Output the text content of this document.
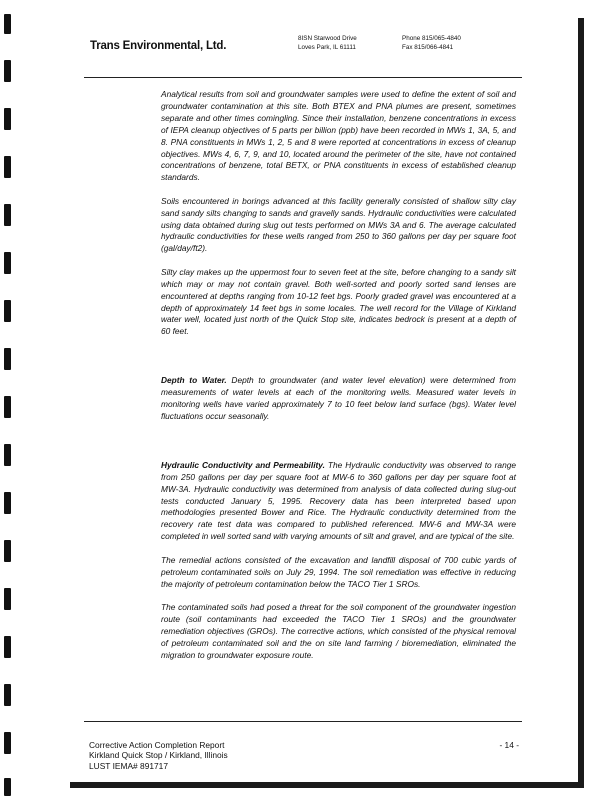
Trans Environmental, Ltd.
8ISN Starwood Drive
Loves Park, IL 61111
Phone 815/065-4840
Fax 815/066-4841

Analytical results from soil and groundwater samples were used to define the extent of soil and groundwater contamination at this site. Both BTEX and PNA plumes are present, sometimes separate and other times comingling. Since their installation, benzene concentrations in excess of IEPA cleanup objectives of 5 parts per billion (ppb) have been recorded in MWs 1, 3A, 5, and 8. PNA constituents in MWs 1, 2, 5 and 8 were reported at concentrations in excess of cleanup objectives. MWs 4, 6, 7, 9, and 10, located around the perimeter of the site, have not contained concentrations of benzene, total BETX, or PNA constituents in excess of established cleanup standards.

Soils encountered in borings advanced at this facility generally consisted of shallow silty clay sand sandy silts changing to sands and gravelly sands. Hydraulic conductivities were calculated using data obtained during slug out tests performed on MWs 3A and 6. The average calculated hydraulic conductivities for these wells ranged from 250 to 360 gallons per day per square foot (gal/day/ft2).

Silty clay makes up the uppermost four to seven feet at the site, before changing to a sandy silt which may or may not contain gravel. Both well-sorted and poorly sorted sand lenses are encountered at depths ranging from 10-12 feet bgs. Poorly graded gravel was encountered at a depth of approximately 14 feet bgs in some locales. The well record for the Village of Kirkland water well, located just north of the Quick Stop site, indicates bedrock is present at a depth of 60 feet.

Depth to Water. Depth to groundwater (and water level elevation) were determined from measurements of water levels at each of the monitoring wells. Measured water levels in monitoring wells have varied approximately 7 to 10 feet below land surface (bgs). Water level fluctuations occur seasonally.

Hydraulic Conductivity and Permeability. The Hydraulic conductivity was observed to range from 250 gallons per day per square foot at MW-6 to 360 gallons per day per square foot at MW-3A. Hydraulic conductivity was determined from analysis of data collected during slug-out tests conducted January 5, 1995. Recovery data has been interpreted based upon methodologies presented Bower and Rice. The Hydraulic conductivity determined from the recovery rate test data was compared to published referenced. MW-6 and MW-3A were completed in well sorted sand with varying amounts of silt and gravel, and are typical of the site.

The remedial actions consisted of the excavation and landfill disposal of 700 cubic yards of petroleum contaminated soils on July 29, 1994. The soil remediation was effective in reducing the majority of petroleum contamination below the TACO Tier 1 SROs.

The contaminated soils had posed a threat for the soil component of the groundwater ingestion route (soil contaminants had exceeded the TACO Tier 1 SROs) and the groundwater remediation objectives (GROs). The corrective actions, which consisted of the physical removal of petroleum contaminated soil and the on site land farming / bioremediation, eliminated the migration to groundwater exposure route.

Corrective Action Completion Report
Kirkland Quick Stop / Kirkland, Illinois
LUST IEMA# 891717
- 14 -
